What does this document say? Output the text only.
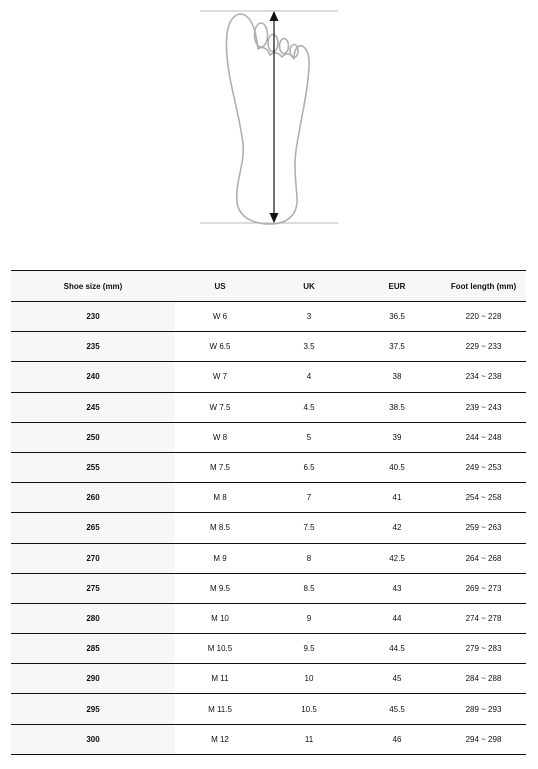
Shoe size (mm)	US	UK	EUR	Foot length (mm)
230	W 6	3	36.5	220 ~ 228
235	W 6.5	3.5	37.5	229 ~ 233
240	W 7	4	38	234 ~ 238
245	W 7.5	4.5	38.5	239 ~ 243
250	W 8	5	39	244 ~ 248
255	M 7.5	6.5	40.5	249 ~ 253
260	M 8	7	41	254 ~ 258
265	M 8.5	7.5	42	259 ~ 263
270	M 9	8	42.5	264 ~ 268
275	M 9.5	8.5	43	269 ~ 273
280	M 10	9	44	274 ~ 278
285	M 10.5	9.5	44.5	279 ~ 283
290	M 11	10	45	284 ~ 288
295	M 11.5	10.5	45.5	289 ~ 293
300	M 12	11	46	294 ~ 298
